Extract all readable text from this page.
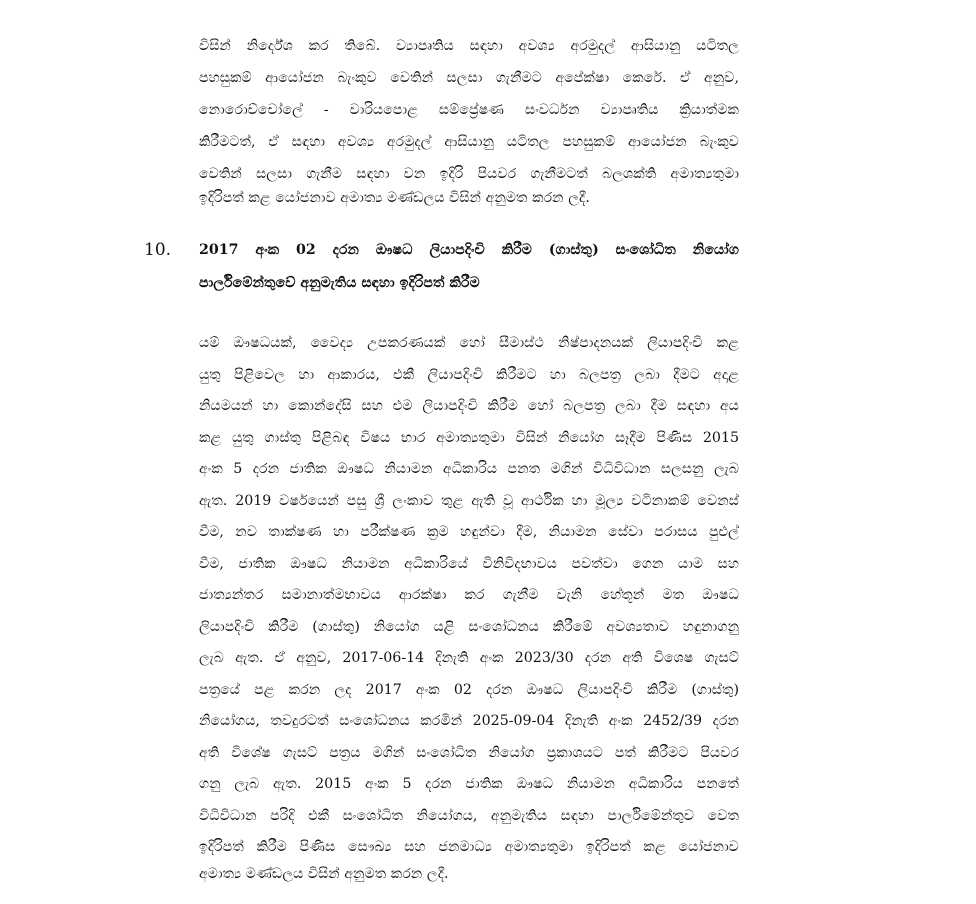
විසින් නිර්දේශ කර තිබේ. ව්‍යාපෘතිය සඳහා අවශ්‍ය අරමුදල් ආසියානු යටිතල
පහසුකම් ආයෝජන බැංකුව වෙතින් සලසා ගැනීමට අපේක්ෂා කෙරේ. ඒ අනුව,
නොරොච්චෝලේ - වාරියපොළ සම්ප්‍රේෂණ සංවර්ධන ව්‍යාපෘතිය ක්‍රියාත්මක
කිරීමටත්, ඒ සඳහා අවශ්‍ය අරමුදල් ආසියානු යටිතල පහසුකම් ආයෝජන බැංකුව
වෙතින් සලසා ගැනීම සඳහා වන ඉදිරි පියවර ගැනීමටත් බලශක්ති අමාත්‍යතුමා
ඉදිරිපත් කළ යෝජනාව අමාත්‍ය මණ්ඩලය විසින් අනුමත කරන ලදී.
10. 2017 අංක 02 දරන ඖෂධ ලියාපදිංචි කිරීම (ගාස්තු) සංශෝධිත නියෝග
පාර්ලිමේන්තුවේ අනුමැතිය සඳහා ඉදිරිපත් කිරීම
යම් ඖෂධයක්, වෛද්‍ය උපකරණයක් හෝ සීමාස්ථ නිෂ්පාදනයක් ලියාපදිංචි කළ
යුතු පිළිවෙල හා ආකාරය, එකී ලියාපදිංචි කිරීමට හා බලපත්‍ර ලබා දීමට අදාළ
නියමයන් හා කොන්දේසි සහ එම ලියාපදිංචි කිරීම හෝ බලපත්‍ර ලබා දීම සඳහා අය
කළ යුතු ගාස්තු පිළිබඳ විෂය භාර අමාත්‍යතුමා විසින් නියෝග සෑදීම පිණිස 2015
අංක 5 දරන ජාතික ඖෂධ නියාමන අධිකාරිය පනත මගින් විධිවිධාන සලසනු ලැබ
ඇත. 2019 වර්ෂයෙන් පසු ශ්‍රී ලංකාව තුළ ඇති වූ ආර්ථික හා මූල්‍ය වටිනාකම් වෙනස්
වීම, නව තාක්ෂණ හා පරීක්ෂණ ක්‍රම හඳුන්වා දීම, නියාමන සේවා පරාසය පුළුල්
වීම, ජාතික ඖෂධ නියාමන අධිකාරියේ විනිවිදභාවය පවත්වා ගෙන යාම සහ
ජාත්‍යන්තර සමානාත්මභාවය ආරක්ෂා කර ගැනීම වැනි හේතූන් මත ඖෂධ
ලියාපදිංචි කිරීම (ගාස්තු) නියෝග යළි සංශෝධනය කිරීමේ අවශ්‍යතාව හඳුනාගනු
ලැබ ඇත. ඒ අනුව, 2017-06-14 දිනැති අංක 2023/30 දරන අති විශෙෂ ගැසට්
පත්‍රයේ පළ කරන ලද 2017 අංක 02 දරන ඖෂධ ලියාපදිංචි කිරීම (ගාස්තු)
නියෝගය, තවදුරටත් සංශෝධනය කරමින් 2025-09-04 දිනැති අංක 2452/39 දරන
අති විශේෂ ගැසට් පත්‍රය මගින් සංශෝධිත නියෝග ප්‍රකාශයට පත් කිරීමට පියවර
ගනු ලැබ ඇත. 2015 අංක 5 දරන ජාතික ඖෂධ නියාමන අධිකාරිය පනතේ
විධිවිධාන පරිදි එකී සංශෝධිත නියෝගය, අනුමැතිය සඳහා පාර්ලිමේන්තුව වෙත
ඉදිරිපත් කිරීම පිණිස සෞඛ්‍ය සහ ජනමාධ්‍ය අමාත්‍යතුමා ඉදිරිපත් කළ යෝජනාව
අමාත්‍ය මණ්ඩලය විසින් අනුමත කරන ලදී.
